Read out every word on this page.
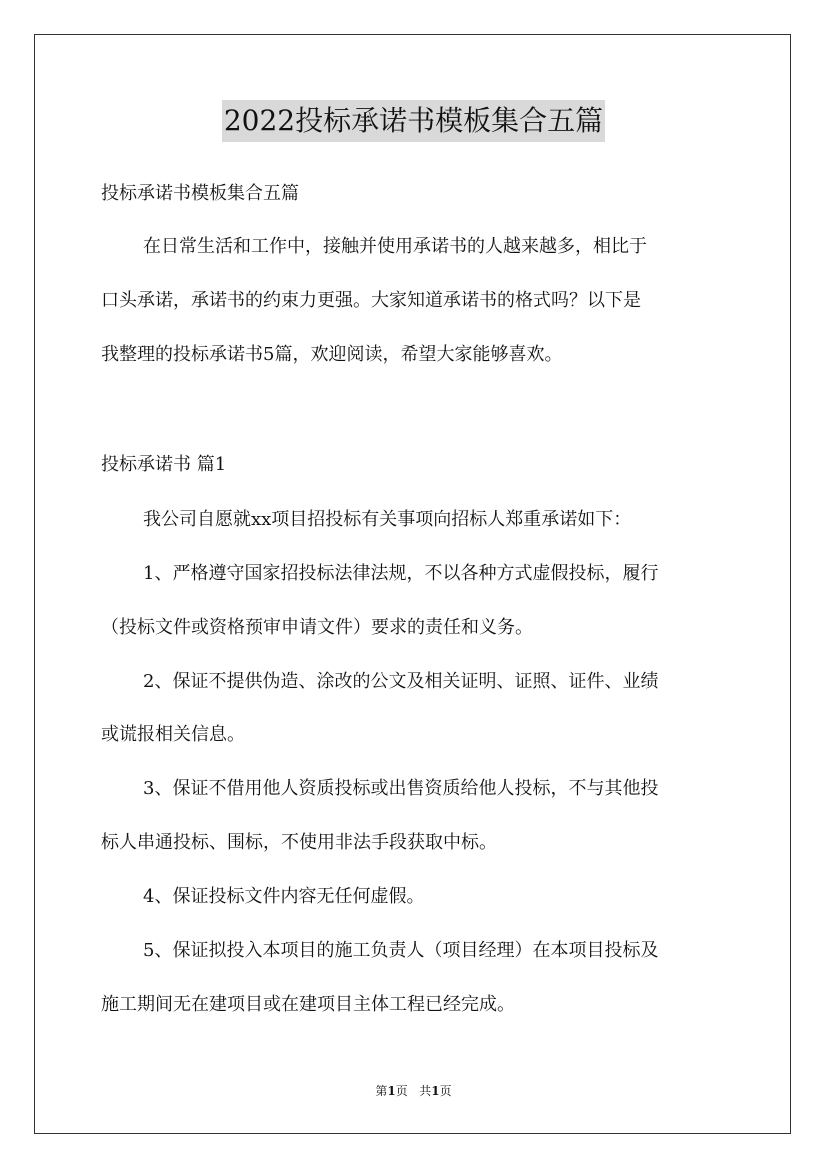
2022投标承诺书模板集合五篇
投标承诺书模板集合五篇
在日常生活和工作中，接触并使用承诺书的人越来越多，相比于
口头承诺，承诺书的约束力更强。大家知道承诺书的格式吗？以下是
我整理的投标承诺书5篇，欢迎阅读，希望大家能够喜欢。
投标承诺书 篇1
我公司自愿就xx项目招投标有关事项向招标人郑重承诺如下：
1、严格遵守国家招投标法律法规，不以各种方式虚假投标，履行
（投标文件或资格预审申请文件）要求的责任和义务。
2、保证不提供伪造、涂改的公文及相关证明、证照、证件、业绩
或谎报相关信息。
3、保证不借用他人资质投标或出售资质给他人投标，不与其他投
标人串通投标、围标，不使用非法手段获取中标。
4、保证投标文件内容无任何虚假。
5、保证拟投入本项目的施工负责人（项目经理）在本项目投标及
施工期间无在建项目或在建项目主体工程已经完成。
第1页 共1页
